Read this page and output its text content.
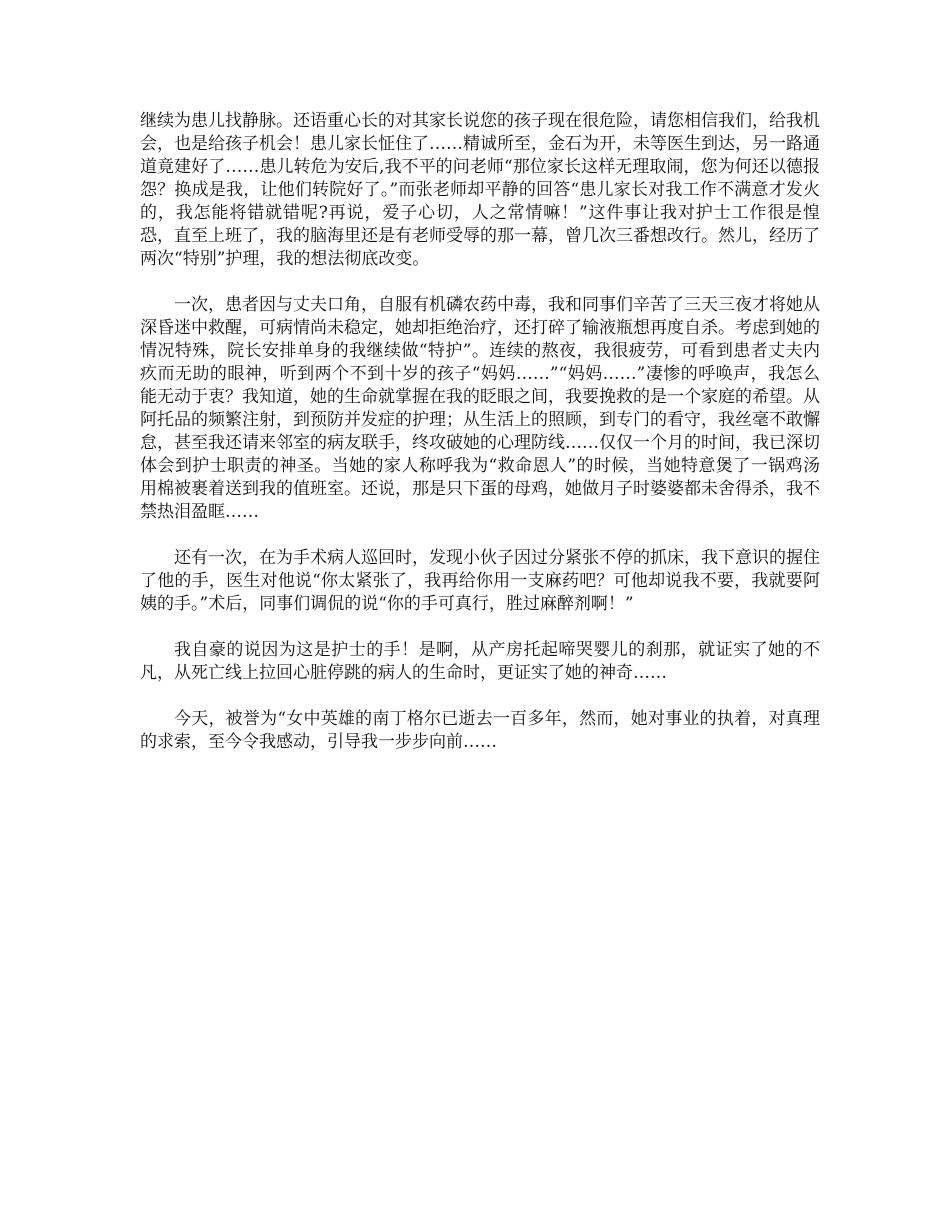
继续为患儿找静脉。还语重心长的对其家长说您的孩子现在很危险，请您相信我们，给我机会，也是给孩子机会！患儿家长怔住了……精诚所至，金石为开，未等医生到达，另一路通道竟建好了……患儿转危为安后,我不平的问老师“那位家长这样无理取闹，您为何还以德报怨？换成是我，让他们转院好了。”而张老师却平静的回答“患儿家长对我工作不满意才发火的，我怎能将错就错呢?再说，爱子心切，人之常情嘛！”这件事让我对护士工作很是惶恐，直至上班了，我的脑海里还是有老师受辱的那一幕，曾几次三番想改行。然儿，经历了两次“特别”护理，我的想法彻底改变。

一次，患者因与丈夫口角，自服有机磷农药中毒，我和同事们辛苦了三天三夜才将她从深昏迷中救醒，可病情尚未稳定，她却拒绝治疗，还打碎了输液瓶想再度自杀。考虑到她的情况特殊，院长安排单身的我继续做“特护”。连续的熬夜，我很疲劳，可看到患者丈夫内疚而无助的眼神，听到两个不到十岁的孩子“妈妈……”“妈妈……”凄惨的呼唤声，我怎么能无动于衷？我知道，她的生命就掌握在我的眨眼之间，我要挽救的是一个家庭的希望。从阿托品的频繁注射，到预防并发症的护理；从生活上的照顾，到专门的看守，我丝毫不敢懈怠，甚至我还请来邻室的病友联手，终攻破她的心理防线……仅仅一个月的时间，我已深切体会到护士职责的神圣。当她的家人称呼我为“救命恩人”的时候，当她特意煲了一锅鸡汤用棉被裹着送到我的值班室。还说，那是只下蛋的母鸡，她做月子时婆婆都未舍得杀，我不禁热泪盈眶……

还有一次，在为手术病人巡回时，发现小伙子因过分紧张不停的抓床，我下意识的握住了他的手，医生对他说“你太紧张了，我再给你用一支麻药吧？可他却说我不要，我就要阿姨的手。”术后，同事们调侃的说“你的手可真行，胜过麻醉剂啊！”

我自豪的说因为这是护士的手！是啊，从产房托起啼哭婴儿的刹那，就证实了她的不凡，从死亡线上拉回心脏停跳的病人的生命时，更证实了她的神奇……

今天，被誉为“女中英雄的南丁格尔已逝去一百多年，然而，她对事业的执着，对真理的求索，至今令我感动，引导我一步步向前……
